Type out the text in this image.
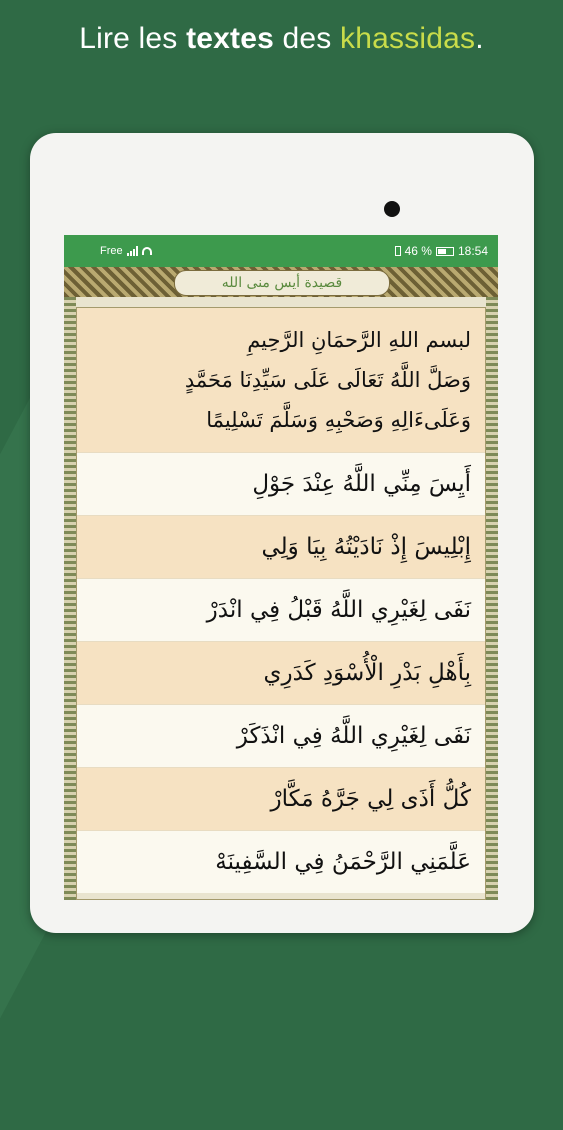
Lire les textes des khassidas.
Free	46 % 18:54
قصيدة أيس منى الله
لبسم اللهِ الرَّحمَانِ الرَّحِيمِ
وَصَلَّ اللَّهُ تَعَالَى عَلَى سَيِّدِنَا مَحَمَّدٍ
وَعَلَىءَالِهِ وَصَحْبِهِ وَسَلَّمَ تَسْلِيمًا
أَيِسَ مِنِّي اللَّهُ عِنْدَ جَوْلِ
إِبْلِيسَ إِذْ نَادَيْتُهُ بِيَا وَلِي
نَفَى لِغَيْرِي اللَّهُ قَبْلُ فِي انْدَرْ
بِأَهْلِ بَدْرِ الْأُسْوَدِ كَدَرِي
نَفَى لِغَيْرِي اللَّهُ فِي انْذَكَرْ
كُلُّ أَذَى لِي جَرَّهُ مَكَّارْ
عَلَّمَنِي الرَّحْمَنُ فِي السَّفِينَهْ
